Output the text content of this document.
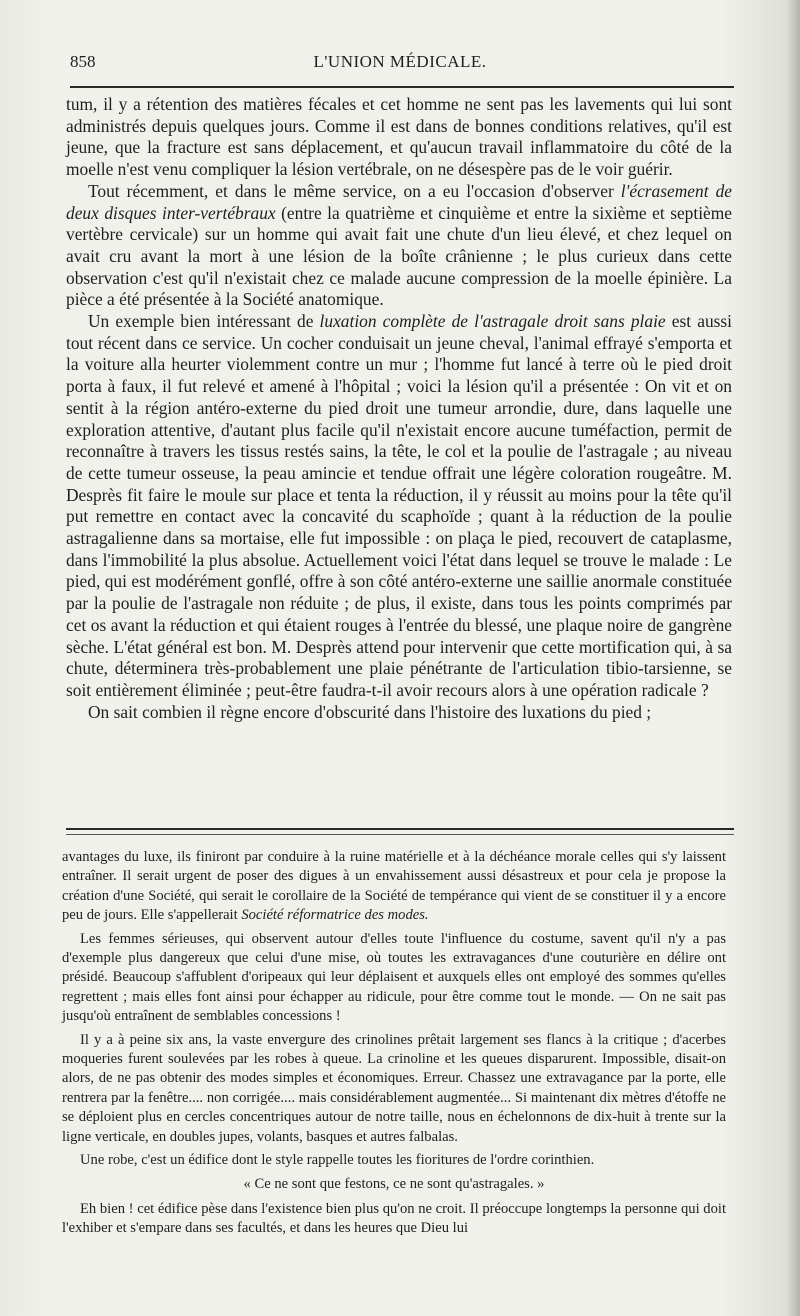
858	L'UNION MÉDICALE.

tum, il y a rétention des matières fécales et cet homme ne sent pas les lavements qui lui sont administrés depuis quelques jours. Comme il est dans de bonnes conditions relatives, qu'il est jeune, que la fracture est sans déplacement, et qu'aucun travail inflammatoire du côté de la moelle n'est venu compliquer la lésion vertébrale, on ne désespère pas de le voir guérir.

Tout récemment, et dans le même service, on a eu l'occasion d'observer l'écrasement de deux disques inter-vertébraux (entre la quatrième et cinquième et entre la sixième et septième vertèbre cervicale) sur un homme qui avait fait une chute d'un lieu élevé, et chez lequel on avait cru avant la mort à une lésion de la boîte crânienne ; le plus curieux dans cette observation c'est qu'il n'existait chez ce malade aucune compression de la moelle épinière. La pièce a été présentée à la Société anatomique.

Un exemple bien intéressant de luxation complète de l'astragale droit sans plaie est aussi tout récent dans ce service. Un cocher conduisait un jeune cheval, l'animal effrayé s'emporta et la voiture alla heurter violemment contre un mur ; l'homme fut lancé à terre où le pied droit porta à faux, il fut relevé et amené à l'hôpital ; voici la lésion qu'il a présentée : On vit et on sentit à la région antéro-externe du pied droit une tumeur arrondie, dure, dans laquelle une exploration attentive, d'autant plus facile qu'il n'existait encore aucune tuméfaction, permit de reconnaître à travers les tissus restés sains, la tête, le col et la poulie de l'astragale ; au niveau de cette tumeur osseuse, la peau amincie et tendue offrait une légère coloration rougeâtre. M. Desprès fit faire le moule sur place et tenta la réduction, il y réussit au moins pour la tête qu'il put remettre en contact avec la concavité du scaphoïde ; quant à la réduction de la poulie astragalienne dans sa mortaise, elle fut impossible : on plaça le pied, recouvert de cataplasme, dans l'immobilité la plus absolue. Actuellement voici l'état dans lequel se trouve le malade : Le pied, qui est modérément gonflé, offre à son côté antéro-externe une saillie anormale constituée par la poulie de l'astragale non réduite ; de plus, il existe, dans tous les points comprimés par cet os avant la réduction et qui étaient rouges à l'entrée du blessé, une plaque noire de gangrène sèche. L'état général est bon. M. Desprès attend pour intervenir que cette mortification qui, à sa chute, déterminera très-probablement une plaie pénétrante de l'articulation tibio-tarsienne, se soit entièrement éliminée ; peut-être faudra-t-il avoir recours alors à une opération radicale ?

On sait combien il règne encore d'obscurité dans l'histoire des luxations du pied ;

avantages du luxe, ils finiront par conduire à la ruine matérielle et à la déchéance morale celles qui s'y laissent entraîner. Il serait urgent de poser des digues à un envahissement aussi désastreux et pour cela je propose la création d'une Société, qui serait le corollaire de la Société de tempérance qui vient de se constituer il y a encore peu de jours. Elle s'appellerait Société réformatrice des modes.

Les femmes sérieuses, qui observent autour d'elles toute l'influence du costume, savent qu'il n'y a pas d'exemple plus dangereux que celui d'une mise, où toutes les extravagances d'une couturière en délire ont présidé. Beaucoup s'affublent d'oripeaux qui leur déplaisent et auxquels elles ont employé des sommes qu'elles regrettent ; mais elles font ainsi pour échapper au ridicule, pour être comme tout le monde. — On ne sait pas jusqu'où entraînent de semblables concessions !

Il y a à peine six ans, la vaste envergure des crinolines prêtait largement ses flancs à la critique ; d'acerbes moqueries furent soulevées par les robes à queue. La crinoline et les queues disparurent. Impossible, disait-on alors, de ne pas obtenir des modes simples et économiques. Erreur. Chassez une extravagance par la porte, elle rentrera par la fenêtre.... non corrigée.... mais considérablement augmentée... Si maintenant dix mètres d'étoffe ne se déploient plus en cercles concentriques autour de notre taille, nous en échelonnons de dix-huit à trente sur la ligne verticale, en doubles jupes, volants, basques et autres falbalas.

Une robe, c'est un édifice dont le style rappelle toutes les fioritures de l'ordre corinthien.

« Ce ne sont que festons, ce ne sont qu'astragales. »

Eh bien ! cet édifice pèse dans l'existence bien plus qu'on ne croit. Il préoccupe longtemps la personne qui doit l'exhiber et s'empare dans ses facultés, et dans les heures que Dieu lui
